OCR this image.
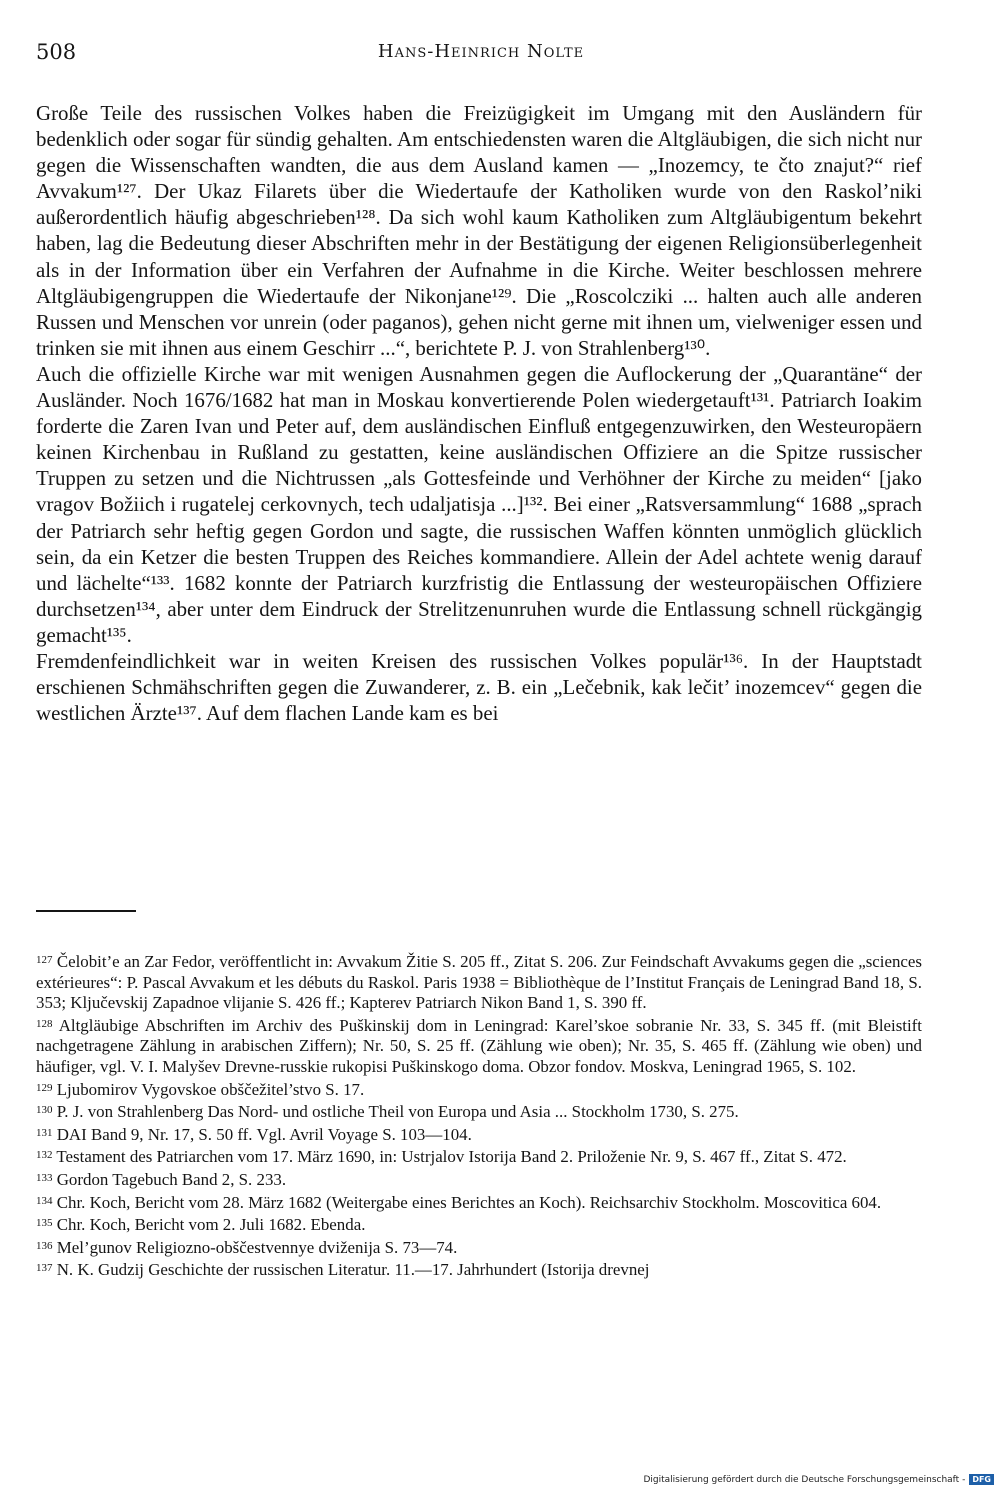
508	Hans-Heinrich Nolte

Große Teile des russischen Volkes haben die Freizügigkeit im Umgang mit den Ausländern für bedenklich oder sogar für sündig gehalten. Am entschiedensten waren die Altgläubigen, die sich nicht nur gegen die Wissenschaften wandten, die aus dem Ausland kamen — „Inozemcy, te čto znajut?“ rief Avvakum¹²⁷. Der Ukaz Filarets über die Wiedertaufe der Katholiken wurde von den Raskol’niki außerordentlich häufig abgeschrieben¹²⁸. Da sich wohl kaum Katholiken zum Altgläubigentum bekehrt haben, lag die Bedeutung dieser Abschriften mehr in der Bestätigung der eigenen Religionsüberlegenheit als in der Information über ein Verfahren der Aufnahme in die Kirche. Weiter beschlossen mehrere Altgläubigengruppen die Wiedertaufe der Nikonjane¹²⁹. Die „Roscolcziki ... halten auch alle anderen Russen und Menschen vor unrein (oder paganos), gehen nicht gerne mit ihnen um, vielweniger essen und trinken sie mit ihnen aus einem Geschirr ...“, berichtete P. J. von Strahlenberg¹³⁰.

Auch die offizielle Kirche war mit wenigen Ausnahmen gegen die Auflockerung der „Quarantäne“ der Ausländer. Noch 1676/1682 hat man in Moskau konvertierende Polen wiedergetauft¹³¹. Patriarch Ioakim forderte die Zaren Ivan und Peter auf, dem ausländischen Einfluß entgegenzuwirken, den Westeuropäern keinen Kirchenbau in Rußland zu gestatten, keine ausländischen Offiziere an die Spitze russischer Truppen zu setzen und die Nichtrussen „als Gottesfeinde und Verhöhner der Kirche zu meiden“ [jako vragov Božiich i rugatelej cerkovnych, tech udaljatisja ...]¹³². Bei einer „Ratsversammlung“ 1688 „sprach der Patriarch sehr heftig gegen Gordon und sagte, die russischen Waffen könnten unmöglich glücklich sein, da ein Ketzer die besten Truppen des Reiches kommandiere. Allein der Adel achtete wenig darauf und lächelte“¹³³. 1682 konnte der Patriarch kurzfristig die Entlassung der westeuropäischen Offiziere durchsetzen¹³⁴, aber unter dem Eindruck der Strelitzenunruhen wurde die Entlassung schnell rückgängig gemacht¹³⁵.

Fremdenfeindlichkeit war in weiten Kreisen des russischen Volkes populär¹³⁶. In der Hauptstadt erschienen Schmähschriften gegen die Zuwanderer, z. B. ein „Lečebnik, kak lečit’ inozemcev“ gegen die westlichen Ärzte¹³⁷. Auf dem flachen Lande kam es bei

$^{127}$ Čelobit’e an Zar Fedor, veröffentlicht in: Avvakum Žitie S. 205 ff., Zitat S. 206. Zur Feindschaft Avvakums gegen die „sciences extérieures“: P. Pascal Avvakum et les débuts du Raskol. Paris 1938 = Bibliothèque de l’Institut Français de Leningrad Band 18, S. 353; Ključevskij Zapadnoe vlijanie S. 426 ff.; Kapterev Patriarch Nikon Band 1, S. 390 ff.

$^{128}$ Altgläubige Abschriften im Archiv des Puškinskij dom in Leningrad: Karel’skoe sobranie Nr. 33, S. 345 ff. (mit Bleistift nachgetragene Zählung in arabischen Ziffern); Nr. 50, S. 25 ff. (Zählung wie oben); Nr. 35, S. 465 ff. (Zählung wie oben) und häufiger, vgl. V. I. Malyšev Drevne-russkie rukopisi Puškinskogo doma. Obzor fondov. Moskva, Leningrad 1965, S. 102.

$^{129}$ Ljubomirov Vygovskoe obščežitel’stvo S. 17.

$^{130}$ P. J. von Strahlenberg Das Nord- und ostliche Theil von Europa und Asia ... Stockholm 1730, S. 275.

$^{131}$ DAI Band 9, Nr. 17, S. 50 ff. Vgl. Avril Voyage S. 103—104.

$^{132}$ Testament des Patriarchen vom 17. März 1690, in: Ustrjalov Istorija Band 2. Priloženie Nr. 9, S. 467 ff., Zitat S. 472.

$^{133}$ Gordon Tagebuch Band 2, S. 233.

$^{134}$ Chr. Koch, Bericht vom 28. März 1682 (Weitergabe eines Berichtes an Koch). Reichsarchiv Stockholm. Moscovitica 604.

$^{135}$ Chr. Koch, Bericht vom 2. Juli 1682. Ebenda.

$^{136}$ Mel’gunov Religiozno-obščestvennye dviženija S. 73—74.

$^{137}$ N. K. Gudzij Geschichte der russischen Literatur. 11.—17. Jahrhundert (Istorija drevnej

Digitalisierung gefördert durch die Deutsche Forschungsgemeinschaft - DFG
